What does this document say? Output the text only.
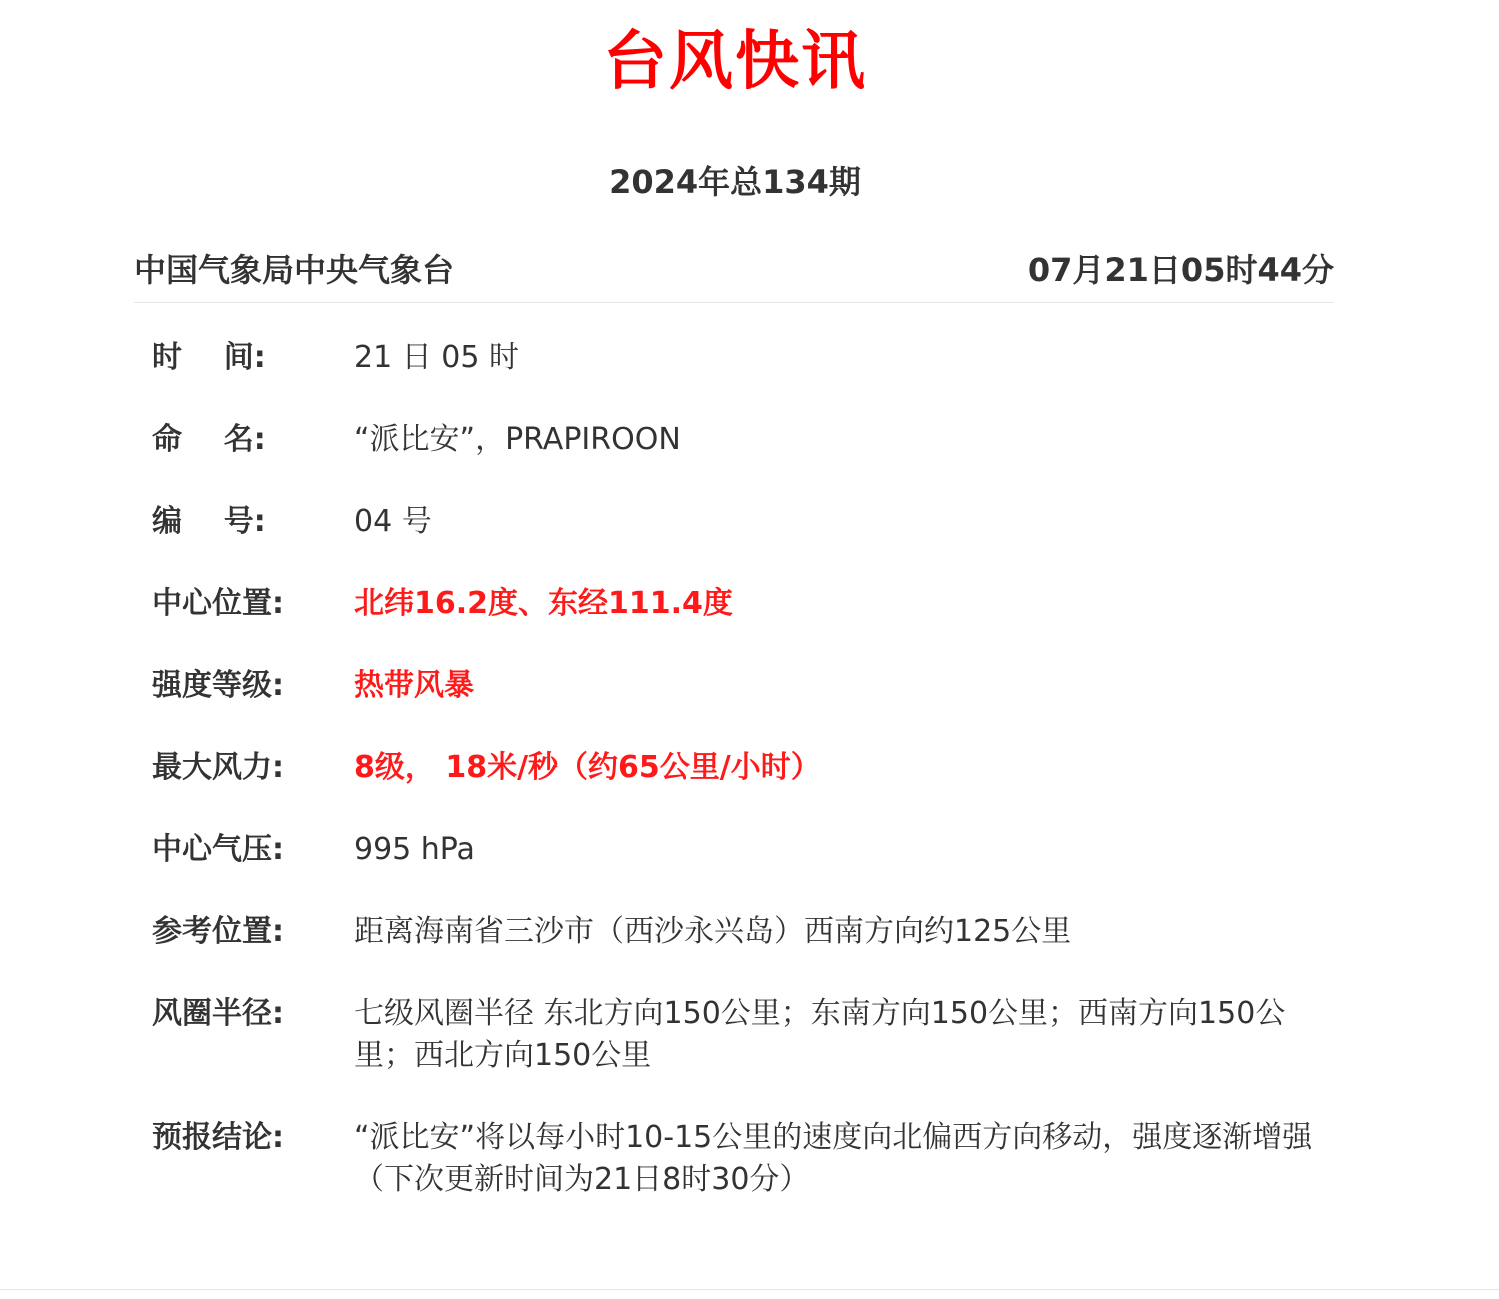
台风快讯
2024年总134期
中国气象局中央气象台	07月21日05时44分
时    间:	21 日 05 时
命    名:	“派比安”，PRAPIROON
编    号:	04 号
中心位置:	北纬16.2度、东经111.4度
强度等级:	热带风暴
最大风力:	8级， 18米/秒（约65公里/小时）
中心气压:	995 hPa
参考位置:	距离海南省三沙市（西沙永兴岛）西南方向约125公里
风圈半径:	七级风圈半径 东北方向150公里；东南方向150公里；西南方向150公里；西北方向150公里
预报结论:	“派比安”将以每小时10-15公里的速度向北偏西方向移动，强度逐渐增强
（下次更新时间为21日8时30分）
